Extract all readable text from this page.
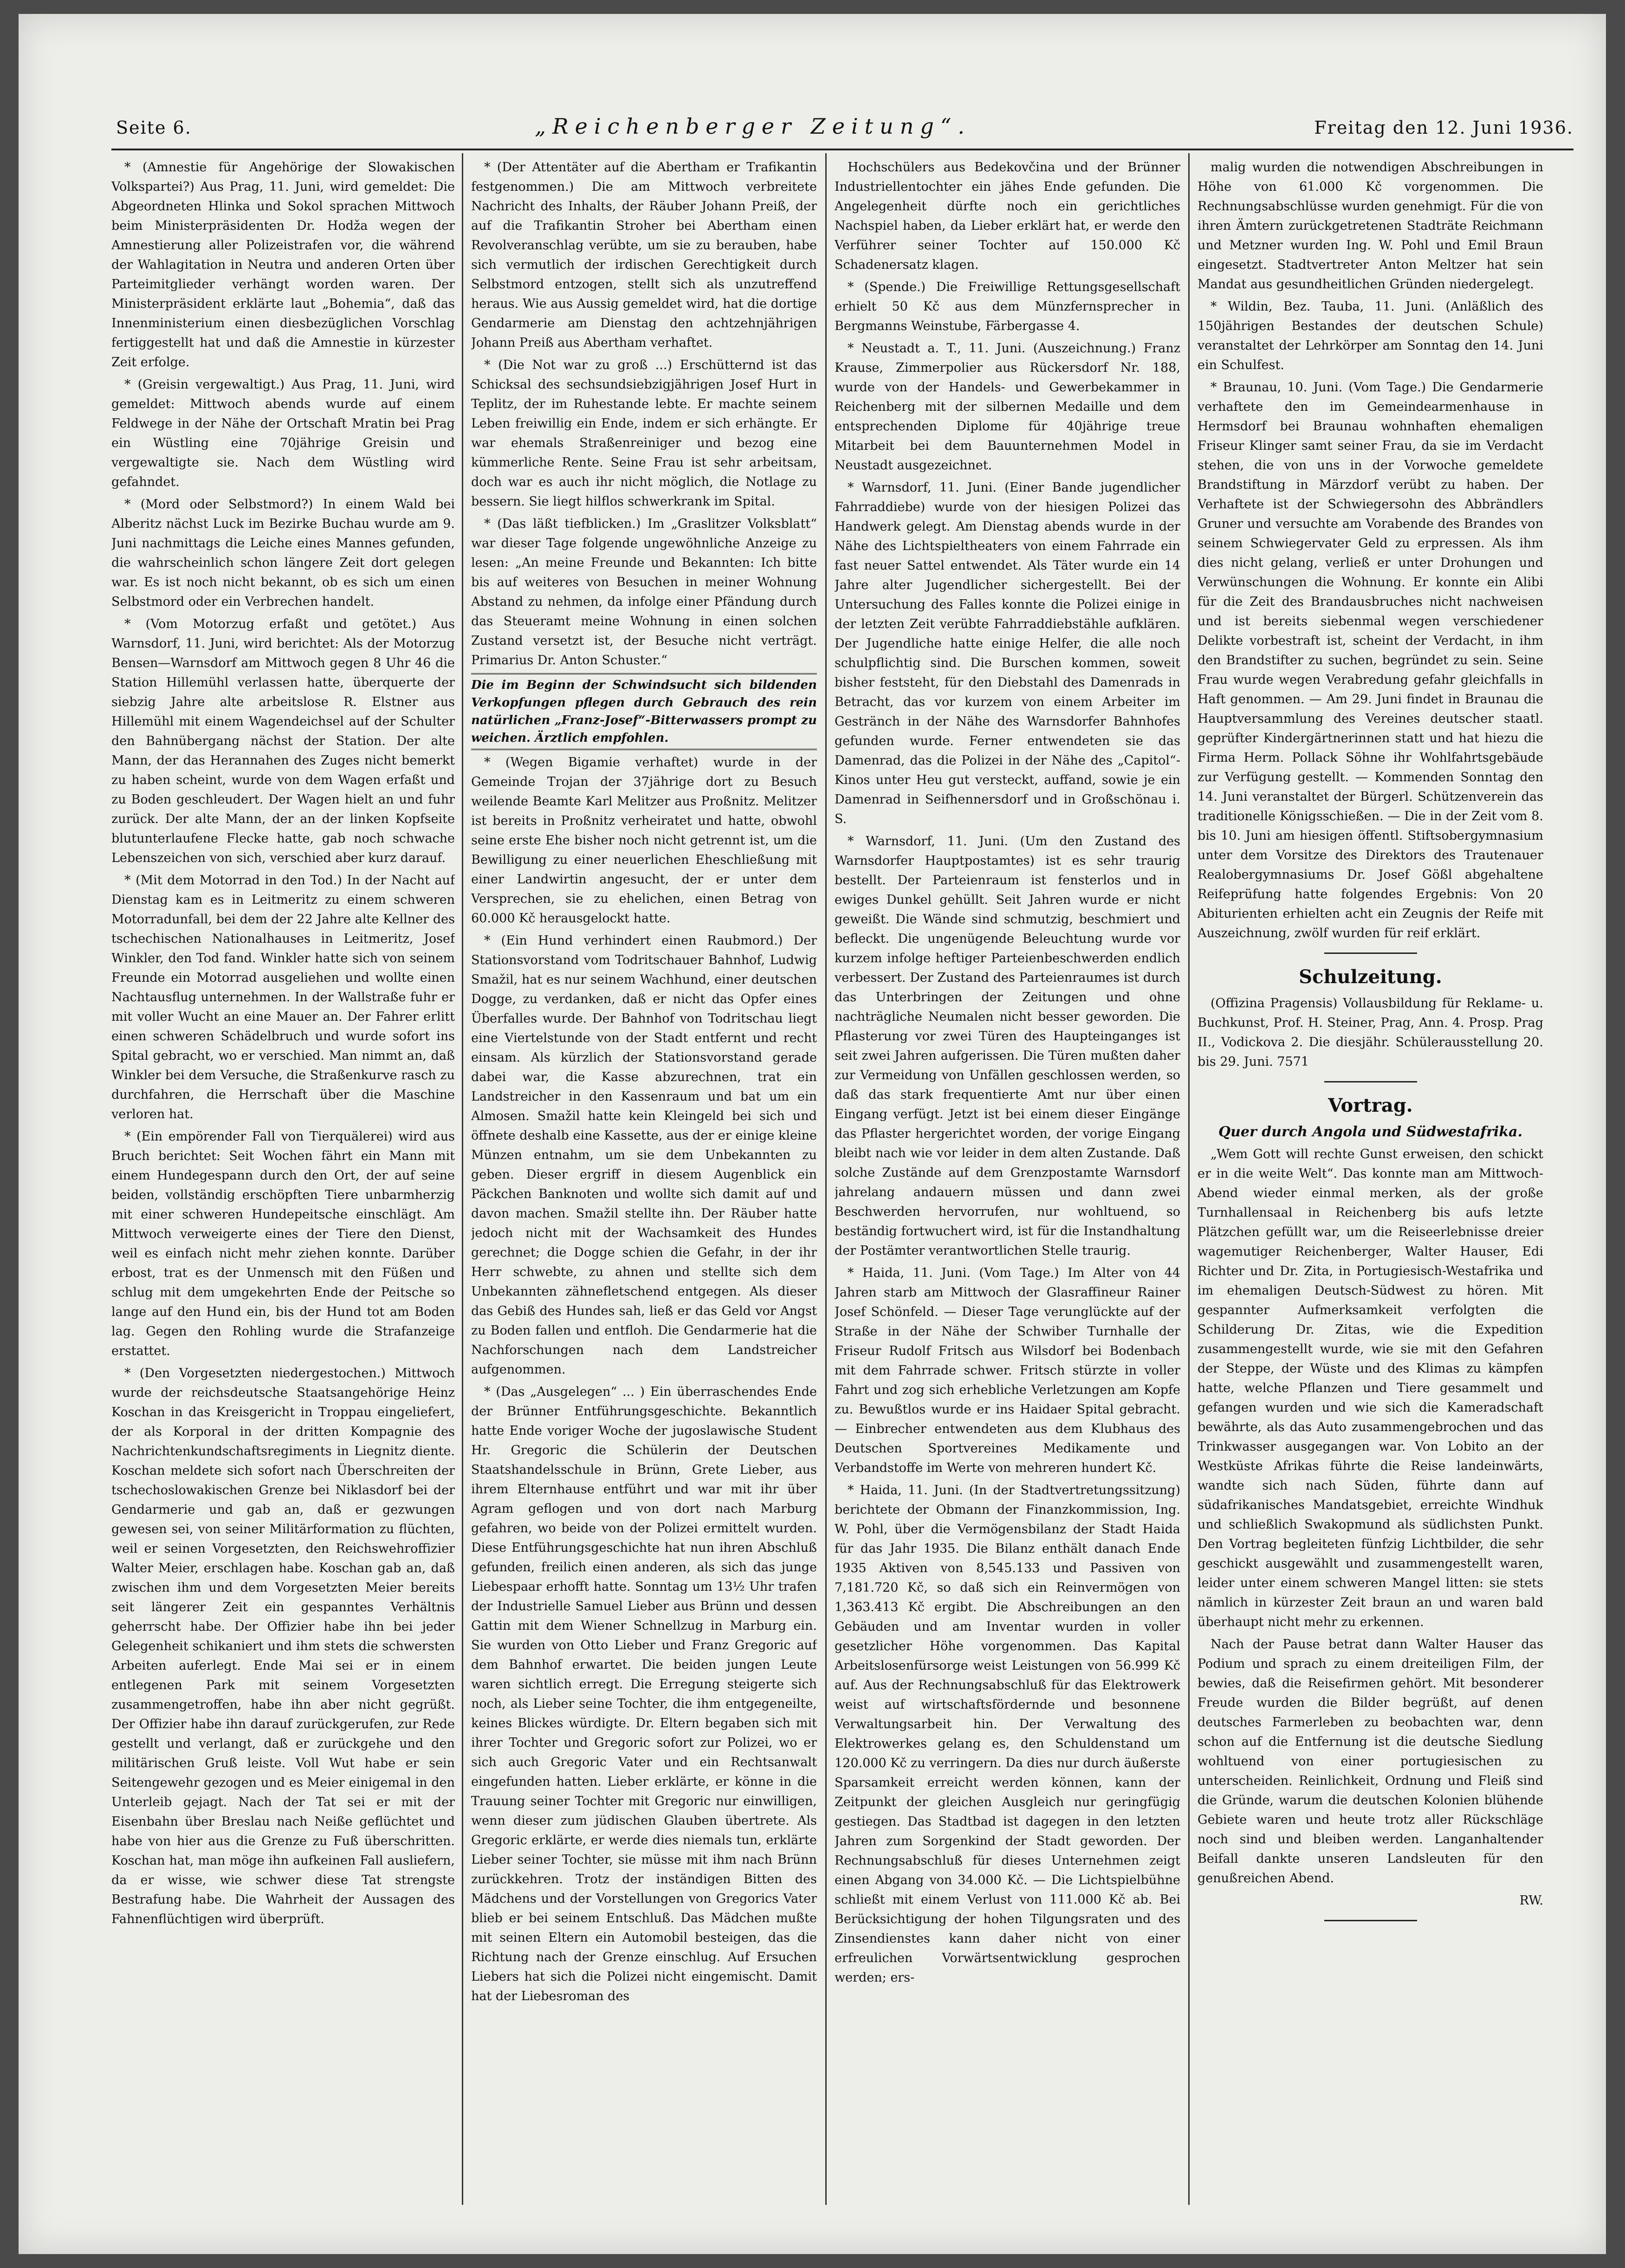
Seite 6.	„Reichenberger Zeitung“.	Freitag den 12. Juni 1936.

* (Amnestie für Angehörige der Slowakischen Volkspartei?) Aus Prag, 11. Juni, wird gemeldet: Die Abgeordneten Hlinka und Sokol sprachen Mittwoch beim Ministerpräsidenten Dr. Hodža wegen der Amnestierung aller Polizeistrafen vor, die während der Wahlagitation in Neutra und anderen Orten über Parteimitglieder verhängt worden waren. Der Ministerpräsident erklärte laut „Bohemia“, daß das Innenministerium einen diesbezüglichen Vorschlag fertiggestellt hat und daß die Amnestie in kürzester Zeit erfolge.

* (Greisin vergewaltigt.) Aus Prag, 11. Juni, wird gemeldet: Mittwoch abends wurde auf einem Feldwege in der Nähe der Ortschaft Mratin bei Prag ein Wüstling eine 70jährige Greisin und vergewaltigte sie. Nach dem Wüstling wird gefahndet.

* (Mord oder Selbstmord?) In einem Wald bei Alberitz nächst Luck im Bezirke Buchau wurde am 9. Juni nachmittags die Leiche eines Mannes gefunden, die wahrscheinlich schon längere Zeit dort gelegen war. Es ist noch nicht bekannt, ob es sich um einen Selbstmord oder ein Verbrechen handelt.

* (Vom Motorzug erfaßt und getötet.) Aus Warnsdorf, 11. Juni, wird berichtet: Als der Motorzug Bensen—Warnsdorf am Mittwoch gegen 8 Uhr 46 die Station Hillemühl verlassen hatte, überquerte der siebzig Jahre alte arbeitslose R. Elstner aus Hillemühl mit einem Wagendeichsel auf der Schulter den Bahnübergang nächst der Station. Der alte Mann, der das Herannahen des Zuges nicht bemerkt zu haben scheint, wurde von dem Wagen erfaßt und zu Boden geschleudert. Der Wagen hielt an und fuhr zurück. Der alte Mann, der an der linken Kopfseite blutunterlaufene Flecke hatte, gab noch schwache Lebenszeichen von sich, verschied aber kurz darauf.

* (Mit dem Motorrad in den Tod.) In der Nacht auf Dienstag kam es in Leitmeritz zu einem schweren Motorradunfall, bei dem der 22 Jahre alte Kellner des tschechischen Nationalhauses in Leitmeritz, Josef Winkler, den Tod fand. Winkler hatte sich von seinem Freunde ein Motorrad ausgeliehen und wollte einen Nachtausflug unternehmen. In der Wallstraße fuhr er mit voller Wucht an eine Mauer an. Der Fahrer erlitt einen schweren Schädelbruch und wurde sofort ins Spital gebracht, wo er verschied. Man nimmt an, daß Winkler bei dem Versuche, die Straßenkurve rasch zu durchfahren, die Herrschaft über die Maschine verloren hat.

* (Ein empörender Fall von Tierquälerei) wird aus Bruch berichtet: Seit Wochen fährt ein Mann mit einem Hundegespann durch den Ort, der auf seine beiden, vollständig erschöpften Tiere unbarmherzig mit einer schweren Hundepeitsche einschlägt. Am Mittwoch verweigerte eines der Tiere den Dienst, weil es einfach nicht mehr ziehen konnte. Darüber erbost, trat es der Unmensch mit den Füßen und schlug mit dem umgekehrten Ende der Peitsche so lange auf den Hund ein, bis der Hund tot am Boden lag. Gegen den Rohling wurde die Strafanzeige erstattet.

* (Den Vorgesetzten niedergestochen.) Mittwoch wurde der reichsdeutsche Staatsangehörige Heinz Koschan in das Kreisgericht in Troppau eingeliefert, der als Korporal in der dritten Kompagnie des Nachrichtenkundschaftsregiments in Liegnitz diente. Koschan meldete sich sofort nach Überschreiten der tschechoslowakischen Grenze bei Niklasdorf bei der Gendarmerie und gab an, daß er gezwungen gewesen sei, von seiner Militärformation zu flüchten, weil er seinen Vorgesetzten, den Reichswehroffizier Walter Meier, erschlagen habe. Koschan gab an, daß zwischen ihm und dem Vorgesetzten Meier bereits seit längerer Zeit ein gespanntes Verhältnis geherrscht habe. Der Offizier habe ihn bei jeder Gelegenheit schikaniert und ihm stets die schwersten Arbeiten auferlegt. Ende Mai sei er in einem entlegenen Park mit seinem Vorgesetzten zusammengetroffen, habe ihn aber nicht gegrüßt. Der Offizier habe ihn darauf zurückgerufen, zur Rede gestellt und verlangt, daß er zurückgehe und den militärischen Gruß leiste. Voll Wut habe er sein Seitengewehr gezogen und es Meier einigemal in den Unterleib gejagt. Nach der Tat sei er mit der Eisenbahn über Breslau nach Neiße geflüchtet und habe von hier aus die Grenze zu Fuß überschritten. Koschan hat, man möge ihn aufkeinen Fall ausliefern, da er wisse, wie schwer diese Tat strengste Bestrafung habe. Die Wahrheit der Aussagen des Fahnenflüchtigen wird überprüft.

* (Der Attentäter auf die Abertham er Trafikantin festgenommen.) Die am Mittwoch verbreitete Nachricht des Inhalts, der Räuber Johann Preiß, der auf die Trafikantin Stroher bei Abertham einen Revolveranschlag verübte, um sie zu berauben, habe sich vermutlich der irdischen Gerechtigkeit durch Selbstmord entzogen, stellt sich als unzutreffend heraus. Wie aus Aussig gemeldet wird, hat die dortige Gendarmerie am Dienstag den achtzehnjährigen Johann Preiß aus Abertham verhaftet.

* (Die Not war zu groß ...) Erschütternd ist das Schicksal des sechsundsiebzigjährigen Josef Hurt in Teplitz, der im Ruhestande lebte. Er machte seinem Leben freiwillig ein Ende, indem er sich erhängte. Er war ehemals Straßenreiniger und bezog eine kümmerliche Rente. Seine Frau ist sehr arbeitsam, doch war es auch ihr nicht möglich, die Notlage zu bessern. Sie liegt hilflos schwerkrank im Spital.

* (Das läßt tiefblicken.) Im „Graslitzer Volksblatt“ war dieser Tage folgende ungewöhnliche Anzeige zu lesen: „An meine Freunde und Bekannten: Ich bitte bis auf weiteres von Besuchen in meiner Wohnung Abstand zu nehmen, da infolge einer Pfändung durch das Steueramt meine Wohnung in einen solchen Zustand versetzt ist, der Besuche nicht verträgt. Primarius Dr. Anton Schuster.“

Die im Beginn der Schwindsucht sich bildenden Verkopfungen pflegen durch Gebrauch des rein natürlichen „Franz-Josef“-Bitterwassers prompt zu weichen. Ärztlich empfohlen.

* (Wegen Bigamie verhaftet) wurde in der Gemeinde Trojan der 37jährige dort zu Besuch weilende Beamte Karl Melitzer aus Proßnitz. Melitzer ist bereits in Proßnitz verheiratet und hatte, obwohl seine erste Ehe bisher noch nicht getrennt ist, um die Bewilligung zu einer neuerlichen Eheschließung mit einer Landwirtin angesucht, der er unter dem Versprechen, sie zu ehelichen, einen Betrag von 60.000 Kč herausgelockt hatte.

* (Ein Hund verhindert einen Raubmord.) Der Stationsvorstand vom Todritschauer Bahnhof, Ludwig Smažil, hat es nur seinem Wachhund, einer deutschen Dogge, zu verdanken, daß er nicht das Opfer eines Überfalles wurde. Der Bahnhof von Todritschau liegt eine Viertelstunde von der Stadt entfernt und recht einsam. Als kürzlich der Stationsvorstand gerade dabei war, die Kasse abzurechnen, trat ein Landstreicher in den Kassenraum und bat um ein Almosen. Smažil hatte kein Kleingeld bei sich und öffnete deshalb eine Kassette, aus der er einige kleine Münzen entnahm, um sie dem Unbekannten zu geben. Dieser ergriff in diesem Augenblick ein Päckchen Banknoten und wollte sich damit auf und davon machen. Smažil stellte ihn. Der Räuber hatte jedoch nicht mit der Wachsamkeit des Hundes gerechnet; die Dogge schien die Gefahr, in der ihr Herr schwebte, zu ahnen und stellte sich dem Unbekannten zähnefletschend entgegen. Als dieser das Gebiß des Hundes sah, ließ er das Geld vor Angst zu Boden fallen und entfloh. Die Gendarmerie hat die Nachforschungen nach dem Landstreicher aufgenommen.

* (Das „Ausgelegen“ ... ) Ein überraschendes Ende der Brünner Entführungsgeschichte. Bekanntlich hatte Ende voriger Woche der jugoslawische Student Hr. Gregoric die Schülerin der Deutschen Staatshandelsschule in Brünn, Grete Lieber, aus ihrem Elternhause entführt und war mit ihr über Agram geflogen und von dort nach Marburg gefahren, wo beide von der Polizei ermittelt wurden. Diese Entführungsgeschichte hat nun ihren Abschluß gefunden, freilich einen anderen, als sich das junge Liebespaar erhofft hatte. Sonntag um 13½ Uhr trafen der Industrielle Samuel Lieber aus Brünn und dessen Gattin mit dem Wiener Schnellzug in Marburg ein. Sie wurden von Otto Lieber und Franz Gregoric auf dem Bahnhof erwartet. Die beiden jungen Leute waren sichtlich erregt. Die Erregung steigerte sich noch, als Lieber seine Tochter, die ihm entgegeneilte, keines Blickes würdigte. Dr. Eltern begaben sich mit ihrer Tochter und Gregoric sofort zur Polizei, wo er sich auch Gregoric Vater und ein Rechtsanwalt eingefunden hatten. Lieber erklärte, er könne in die Trauung seiner Tochter mit Gregoric nur einwilligen, wenn dieser zum jüdischen Glauben übertrete. Als Gregoric erklärte, er werde dies niemals tun, erklärte Lieber seiner Tochter, sie müsse mit ihm nach Brünn zurückkehren. Trotz der inständigen Bitten des Mädchens und der Vorstellungen von Gregorics Vater blieb er bei seinem Entschluß. Das Mädchen mußte mit seinen Eltern ein Automobil besteigen, das die Richtung nach der Grenze einschlug. Auf Ersuchen Liebers hat sich die Polizei nicht eingemischt. Damit hat der Liebesroman des

Hochschülers aus Bedekovčina und der Brünner Industriellentochter ein jähes Ende gefunden. Die Angelegenheit dürfte noch ein gerichtliches Nachspiel haben, da Lieber erklärt hat, er werde den Verführer seiner Tochter auf 150.000 Kč Schadenersatz klagen.

* (Spende.) Die Freiwillige Rettungsgesellschaft erhielt 50 Kč aus dem Münzfernsprecher in Bergmanns Weinstube, Färbergasse 4.

* Neustadt a. T., 11. Juni. (Auszeichnung.) Franz Krause, Zimmerpolier aus Rückersdorf Nr. 188, wurde von der Handels- und Gewerbekammer in Reichenberg mit der silbernen Medaille und dem entsprechenden Diplome für 40jährige treue Mitarbeit bei dem Bauunternehmen Model in Neustadt ausgezeichnet.

* Warnsdorf, 11. Juni. (Einer Bande jugendlicher Fahrraddiebe) wurde von der hiesigen Polizei das Handwerk gelegt. Am Dienstag abends wurde in der Nähe des Lichtspieltheaters von einem Fahrrade ein fast neuer Sattel entwendet. Als Täter wurde ein 14 Jahre alter Jugendlicher sichergestellt. Bei der Untersuchung des Falles konnte die Polizei einige in der letzten Zeit verübte Fahrraddiebstähle aufklären. Der Jugendliche hatte einige Helfer, die alle noch schulpflichtig sind. Die Burschen kommen, soweit bisher feststeht, für den Diebstahl des Damenrads in Betracht, das vor kurzem von einem Arbeiter im Gestränch in der Nähe des Warnsdorfer Bahnhofes gefunden wurde. Ferner entwendeten sie das Damenrad, das die Polizei in der Nähe des „Capitol“-Kinos unter Heu gut versteckt, auffand, sowie je ein Damenrad in Seifhennersdorf und in Großschönau i. S.

* Warnsdorf, 11. Juni. (Um den Zustand des Warnsdorfer Hauptpostamtes) ist es sehr traurig bestellt. Der Parteienraum ist fensterlos und in ewiges Dunkel gehüllt. Seit Jahren wurde er nicht geweißt. Die Wände sind schmutzig, beschmiert und befleckt. Die ungenügende Beleuchtung wurde vor kurzem infolge heftiger Parteienbeschwerden endlich verbessert. Der Zustand des Parteienraumes ist durch das Unterbringen der Zeitungen und ohne nachträgliche Neumalen nicht besser geworden. Die Pflasterung vor zwei Türen des Haupteinganges ist seit zwei Jahren aufgerissen. Die Türen mußten daher zur Vermeidung von Unfällen geschlossen werden, so daß das stark frequentierte Amt nur über einen Eingang verfügt. Jetzt ist bei einem dieser Eingänge das Pflaster hergerichtet worden, der vorige Eingang bleibt nach wie vor leider in dem alten Zustande. Daß solche Zustände auf dem Grenzpostamte Warnsdorf jahrelang andauern müssen und dann zwei Beschwerden hervorrufen, nur wohltuend, so beständig fortwuchert wird, ist für die Instandhaltung der Postämter verantwortlichen Stelle traurig.

* Haida, 11. Juni. (Vom Tage.) Im Alter von 44 Jahren starb am Mittwoch der Glasraffineur Rainer Josef Schönfeld. — Dieser Tage verunglückte auf der Straße in der Nähe der Schwiber Turnhalle der Friseur Rudolf Fritsch aus Wilsdorf bei Bodenbach mit dem Fahrrade schwer. Fritsch stürzte in voller Fahrt und zog sich erhebliche Verletzungen am Kopfe zu. Bewußtlos wurde er ins Haidaer Spital gebracht. — Einbrecher entwendeten aus dem Klubhaus des Deutschen Sportvereines Medikamente und Verbandstoffe im Werte von mehreren hundert Kč.

* Haida, 11. Juni. (In der Stadtvertretungssitzung) berichtete der Obmann der Finanzkommission, Ing. W. Pohl, über die Vermögensbilanz der Stadt Haida für das Jahr 1935. Die Bilanz enthält danach Ende 1935 Aktiven von 8,545.133 und Passiven von 7,181.720 Kč, so daß sich ein Reinvermögen von 1,363.413 Kč ergibt. Die Abschreibungen an den Gebäuden und am Inventar wurden in voller gesetzlicher Höhe vorgenommen. Das Kapital Arbeitslosenfürsorge weist Leistungen von 56.999 Kč auf. Aus der Rechnungsabschluß für das Elektrowerk weist auf wirtschaftsfördernde und besonnene Verwaltungsarbeit hin. Der Verwaltung des Elektrowerkes gelang es, den Schuldenstand um 120.000 Kč zu verringern. Da dies nur durch äußerste Sparsamkeit erreicht werden können, kann der Zeitpunkt der gleichen Ausgleich nur geringfügig gestiegen. Das Stadtbad ist dagegen in den letzten Jahren zum Sorgenkind der Stadt geworden. Der Rechnungsabschluß für dieses Unternehmen zeigt einen Abgang von 34.000 Kč. — Die Lichtspielbühne schließt mit einem Verlust von 111.000 Kč ab. Bei Berücksichtigung der hohen Tilgungsraten und des Zinsendienstes kann daher nicht von einer erfreulichen Vorwärtsentwicklung gesprochen werden; ers-

malig wurden die notwendigen Abschreibungen in Höhe von 61.000 Kč vorgenommen. Die Rechnungsabschlüsse wurden genehmigt. Für die von ihren Ämtern zurückgetretenen Stadträte Reichmann und Metzner wurden Ing. W. Pohl und Emil Braun eingesetzt. Stadtvertreter Anton Meltzer hat sein Mandat aus gesundheitlichen Gründen niedergelegt.

* Wildin, Bez. Tauba, 11. Juni. (Anläßlich des 150jährigen Bestandes der deutschen Schule) veranstaltet der Lehrkörper am Sonntag den 14. Juni ein Schulfest.

* Braunau, 10. Juni. (Vom Tage.) Die Gendarmerie verhaftete den im Gemeindearmenhause in Hermsdorf bei Braunau wohnhaften ehemaligen Friseur Klinger samt seiner Frau, da sie im Verdacht stehen, die von uns in der Vorwoche gemeldete Brandstiftung in Märzdorf verübt zu haben. Der Verhaftete ist der Schwiegersohn des Abbrändlers Gruner und versuchte am Vorabende des Brandes von seinem Schwiegervater Geld zu erpressen. Als ihm dies nicht gelang, verließ er unter Drohungen und Verwünschungen die Wohnung. Er konnte ein Alibi für die Zeit des Brandausbruches nicht nachweisen und ist bereits siebenmal wegen verschiedener Delikte vorbestraft ist, scheint der Verdacht, in ihm den Brandstifter zu suchen, begründet zu sein. Seine Frau wurde wegen Verabredung gefahr gleichfalls in Haft genommen. — Am 29. Juni findet in Braunau die Hauptversammlung des Vereines deutscher staatl. geprüfter Kindergärtnerinnen statt und hat hiezu die Firma Herm. Pollack Söhne ihr Wohlfahrtsgebäude zur Verfügung gestellt. — Kommenden Sonntag den 14. Juni veranstaltet der Bürgerl. Schützenverein das traditionelle Königsschießen. — Die in der Zeit vom 8. bis 10. Juni am hiesigen öffentl. Stiftsobergymnasium unter dem Vorsitze des Direktors des Trautenauer Realobergymnasiums Dr. Josef Gößl abgehaltene Reifeprüfung hatte folgendes Ergebnis: Von 20 Abiturienten erhielten acht ein Zeugnis der Reife mit Auszeichnung, zwölf wurden für reif erklärt.

Schulzeitung.

(Offizina Pragensis) Vollausbildung für Reklame- u. Buchkunst, Prof. H. Steiner, Prag, Ann. 4. Prosp. Prag II., Vodickova 2. Die diesjähr. Schülerausstellung 20. bis 29. Juni. 7571

Vortrag.

Quer durch Angola und Südwestafrika.

„Wem Gott will rechte Gunst erweisen, den schickt er in die weite Welt“. Das konnte man am Mittwoch-Abend wieder einmal merken, als der große Turnhallensaal in Reichenberg bis aufs letzte Plätzchen gefüllt war, um die Reiseerlebnisse dreier wagemutiger Reichenberger, Walter Hauser, Edi Richter und Dr. Zita, in Portugiesisch-Westafrika und im ehemaligen Deutsch-Südwest zu hören. Mit gespannter Aufmerksamkeit verfolgten die Schilderung Dr. Zitas, wie die Expedition zusammengestellt wurde, wie sie mit den Gefahren der Steppe, der Wüste und des Klimas zu kämpfen hatte, welche Pflanzen und Tiere gesammelt und gefangen wurden und wie sich die Kameradschaft bewährte, als das Auto zusammengebrochen und das Trinkwasser ausgegangen war. Von Lobito an der Westküste Afrikas führte die Reise landeinwärts, wandte sich nach Süden, führte dann auf südafrikanisches Mandatsgebiet, erreichte Windhuk und schließlich Swakopmund als südlichsten Punkt. Den Vortrag begleiteten fünfzig Lichtbilder, die sehr geschickt ausgewählt und zusammengestellt waren, leider unter einem schweren Mangel litten: sie stets nämlich in kürzester Zeit braun an und waren bald überhaupt nicht mehr zu erkennen.

Nach der Pause betrat dann Walter Hauser das Podium und sprach zu einem dreiteiligen Film, der bewies, daß die Reisefirmen gehört. Mit besonderer Freude wurden die Bilder begrüßt, auf denen deutsches Farmerleben zu beobachten war, denn schon auf die Entfernung ist die deutsche Siedlung wohltuend von einer portugiesischen zu unterscheiden. Reinlichkeit, Ordnung und Fleiß sind die Gründe, warum die deutschen Kolonien blühende Gebiete waren und heute trotz aller Rückschläge noch sind und bleiben werden. Langanhaltender Beifall dankte unseren Landsleuten für den genußreichen Abend.

RW.
